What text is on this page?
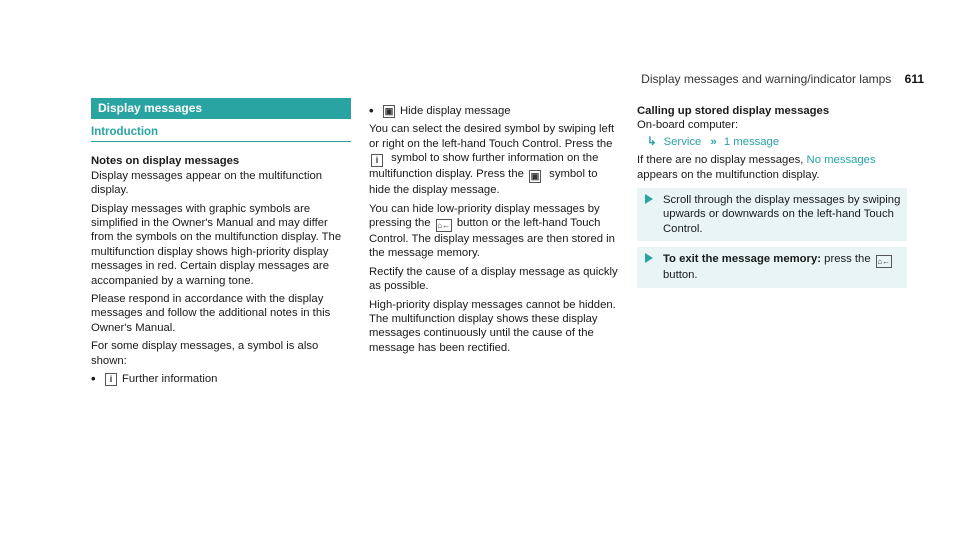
Display messages and warning/indicator lamps 611
Display messages
Introduction
Notes on display messages

Display messages appear on the multifunction display.

Display messages with graphic symbols are simplified in the Owner's Manual and may differ from the symbols on the multifunction display. The multifunction display shows high-priority display messages in red. Certain display messages are accompanied by a warning tone.

Please respond in accordance with the display messages and follow the additional notes in this Owner's Manual.

For some display messages, a symbol is also shown:

•	i Further information
•	▣ Hide display message

You can select the desired symbol by swiping left or right on the left-hand Touch Control. Press the i symbol to show further information on the multifunction display. Press the ▣ symbol to hide the display message.

You can hide low-priority display messages by pressing the ⌂← button or the left-hand Touch Control. The display messages are then stored in the message memory.

Rectify the cause of a display message as quickly as possible.

High-priority display messages cannot be hidden. The multifunction display shows these display messages continuously until the cause of the message has been rectified.

Calling up stored display messages

On-board computer:

↳ Service » 1 message

If there are no display messages, No messages appears on the multifunction display.

Scroll through the display messages by swiping upwards or downwards on the left-hand Touch Control.
To exit the message memory: press the ⌂← button.
